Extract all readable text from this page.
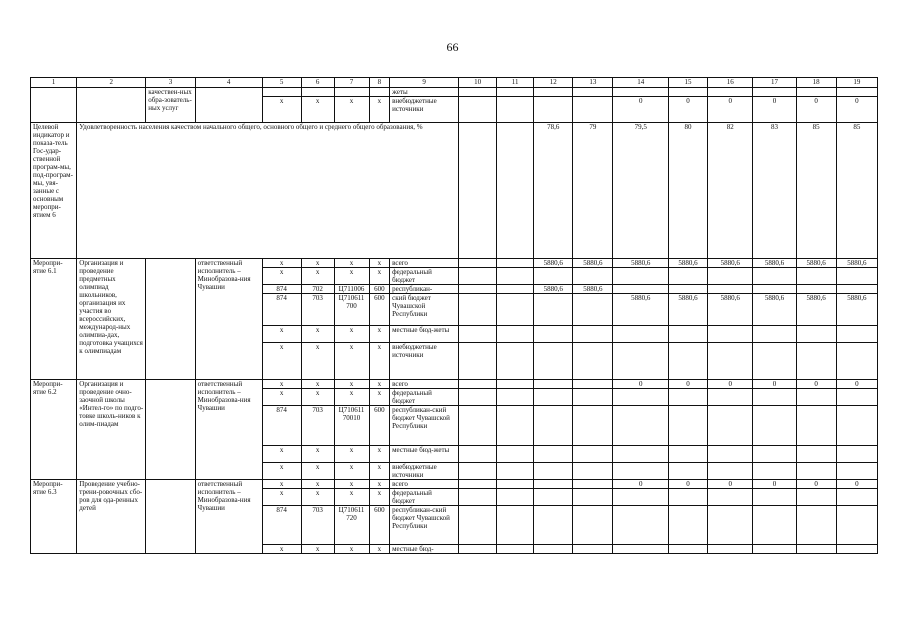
66
1	2	3	4	5	6	7	8	9	10	11	12	13	14	15	16	17	18	19
		качествен-ных обра-зователь-ных услуг						жеты										
				x	x	x	x	внебюджетные источники					0	0	0	0	0	0
Целевой индикатор и показа-тель Гос-удар-ственной програм-мы, под-програм-мы, увя-занные с основным меропри-ятием 6	Удовлетворенность населения качеством начального общего, основного общего и среднего общего образования, %										78,6	79	79,5	80	82	83	85	85
Меропри-ятие 6.1	Организация и проведение предметных олимпиад школьников, организация их участия во всероссийских, международ-ных олимпиа-дах, подготовка учащихся к олимпиадам		ответственный исполнитель – Минобразова-ния Чувашии	x	x	x	x	всего			5880,6	5880,6	5880,6	5880,6	5880,6	5880,6	5880,6	5880,6
				x	x	x	x	федеральный бюджет										
				874	702	Ц711006	600	республикан-			5880,6	5880,6						
				874	703	Ц710611 700	600	ский бюджет Чувашской Республики					5880,6	5880,6	5880,6	5880,6	5880,6	5880,6
				x	x	x	x	местные бюд-жеты										
				x	x	x	x	внебюджетные источники										
Меропри-ятие 6.2	Организация и проведение очно-заочной школы «Интел-го» по подго-товке школь-ников к олим-пиадам		ответственный исполнитель – Минобразова-ния Чувашии	x	x	x	x	всего					0	0	0	0	0	0
				x	x	x	x	федеральный бюджет										
				874	703	Ц710611 70010	600	республикан-ский бюджет Чувашской Республики										
				x	x	x	x	местные бюд-жеты										
				x	x	x	x	внебюджетные источники										
Меропри-ятие 6.3	Проведение учебно-трени-ровочных сбо-ров для ода-ренных детей		ответственный исполнитель – Минобразова-ния Чувашии	x	x	x	x	всего					0	0	0	0	0	0
				x	x	x	x	федеральный бюджет										
				874	703	Ц710611 720	600	республикан-ский бюджет Чувашской Республики										
				x	x	x	x	местные бюд-										
